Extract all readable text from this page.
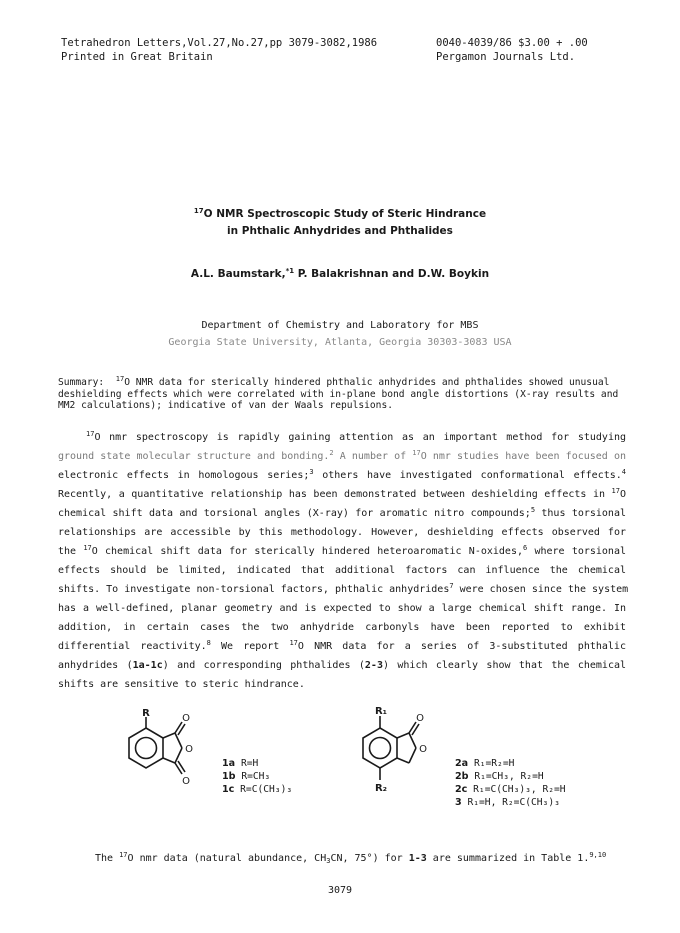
Tetrahedron Letters,Vol.27,No.27,pp 3079-3082,1986
Printed in Great Britain
0040-4039/86 $3.00 + .00
Pergamon Journals Ltd.
$^{17}$O NMR Spectroscopic Study of Steric Hindrance
in Phthalic Anhydrides and Phthalides
A.L. Baumstark,$^{*1}$ P. Balakrishnan and D.W. Boykin
Department of Chemistry and Laboratory for MBS
Georgia State University, Atlanta, Georgia 30303-3083 USA
Summary: $^{17}$O NMR data for sterically hindered phthalic anhydrides and phthalides showed unusual deshielding effects which were correlated with in-plane bond angle distortions (X-ray results and MM2 calculations); indicative of van der Waals repulsions.
$^{17}$O nmr spectroscopy is rapidly gaining attention as an important method for studying
ground state molecular structure and bonding.$^2$ A number of $^{17}$O nmr studies have been focused on
electronic effects in homologous series;$^3$ others have investigated conformational effects.$^4$
Recently, a quantitative relationship has been demonstrated between deshielding effects in $^{17}$O
chemical shift data and torsional angles (X-ray) for aromatic nitro compounds;$^5$ thus torsional
relationships are accessible by this methodology. However, deshielding effects observed for
the $^{17}$O chemical shift data for sterically hindered heteroaromatic N-oxides,$^6$ where torsional
effects should be limited, indicated that additional factors can influence the chemical
shifts. To investigate non-torsional factors, phthalic anhydrides$^7$ were chosen since the system
has a well-defined, planar geometry and is expected to show a large chemical shift range. In
addition, in certain cases the two anhydride carbonyls have been reported to exhibit
differential reactivity.$^8$ We report $^{17}$O NMR data for a series of 3-substituted phthalic
anhydrides (1a-1c) and corresponding phthalides (2-3) which clearly show that the chemical
shifts are sensitive to steric hindrance.
R	O
O
O
1a R=H
1b R=CH₃
1c R=C(CH₃)₃
R₁
O
O
R₂
2a R₁=R₂=H
2b R₁=CH₃, R₂=H
2c R₁=C(CH₃)₃, R₂=H
3 R₁=H, R₂=C(CH₃)₃
The $^{17}$O nmr data (natural abundance, $CH_3CN$, 75°) for 1-3 are summarized in Table 1.$^{9,10}$
3079
